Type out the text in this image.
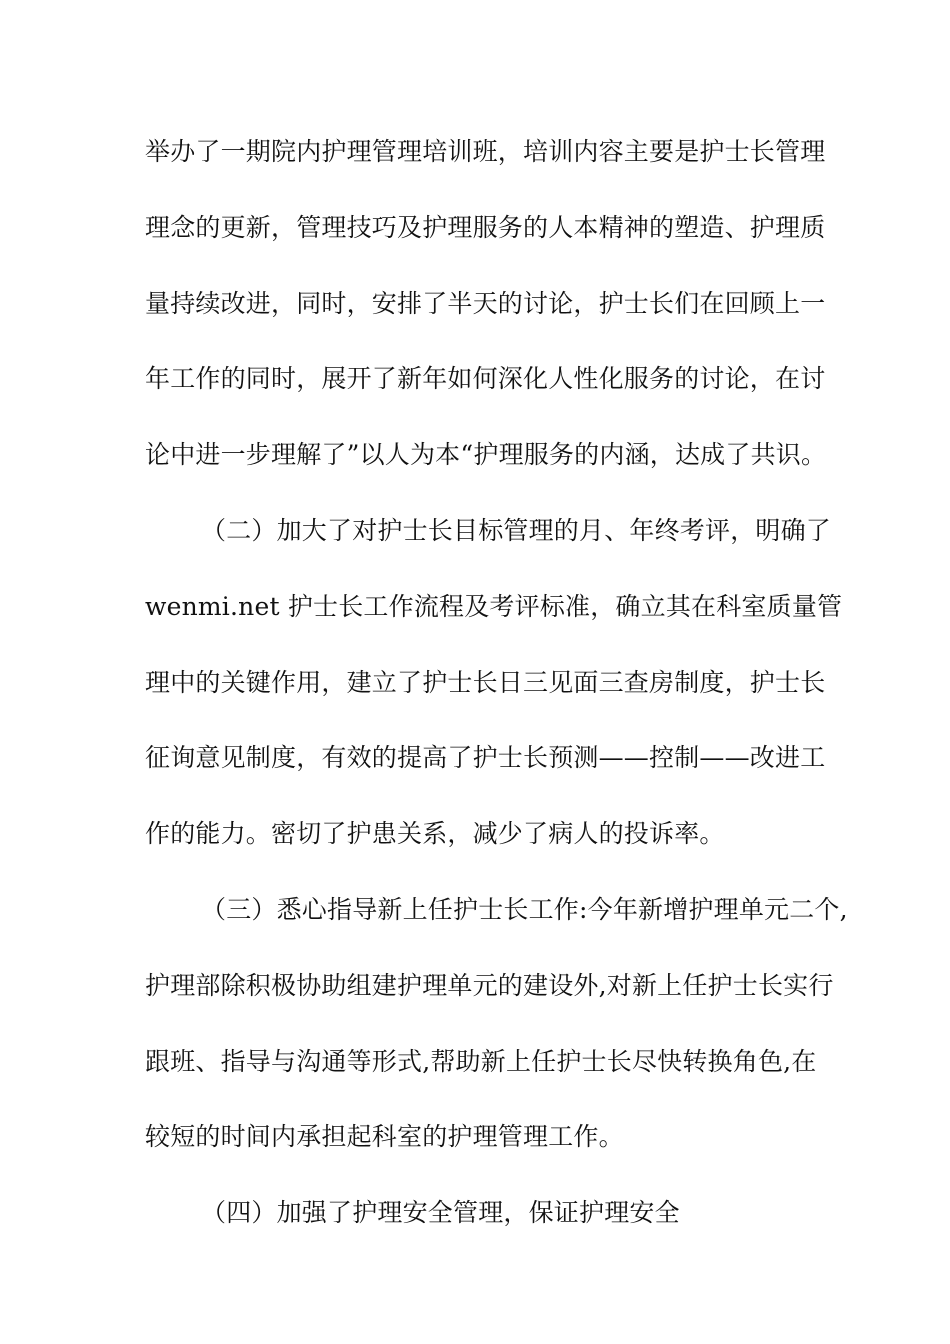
举办了一期院内护理管理培训班，培训内容主要是护士长管理
理念的更新，管理技巧及护理服务的人本精神的塑造、护理质
量持续改进，同时，安排了半天的讨论，护士长们在回顾上一
年工作的同时，展开了新年如何深化人性化服务的讨论，在讨
论中进一步理解了”以人为本“护理服务的内涵，达成了共识。
（二）加大了对护士长目标管理的月、年终考评，明确了
wenmi.net 护士长工作流程及考评标准，确立其在科室质量管
理中的关键作用，建立了护士长日三见面三查房制度，护士长
征询意见制度，有效的提高了护士长预测——控制——改进工
作的能力。密切了护患关系，减少了病人的投诉率。
（三）悉心指导新上任护士长工作:今年新增护理单元二个,
护理部除积极协助组建护理单元的建设外,对新上任护士长实行
跟班、指导与沟通等形式,帮助新上任护士长尽快转换角色,在
较短的时间内承担起科室的护理管理工作。
（四）加强了护理安全管理，保证护理安全
